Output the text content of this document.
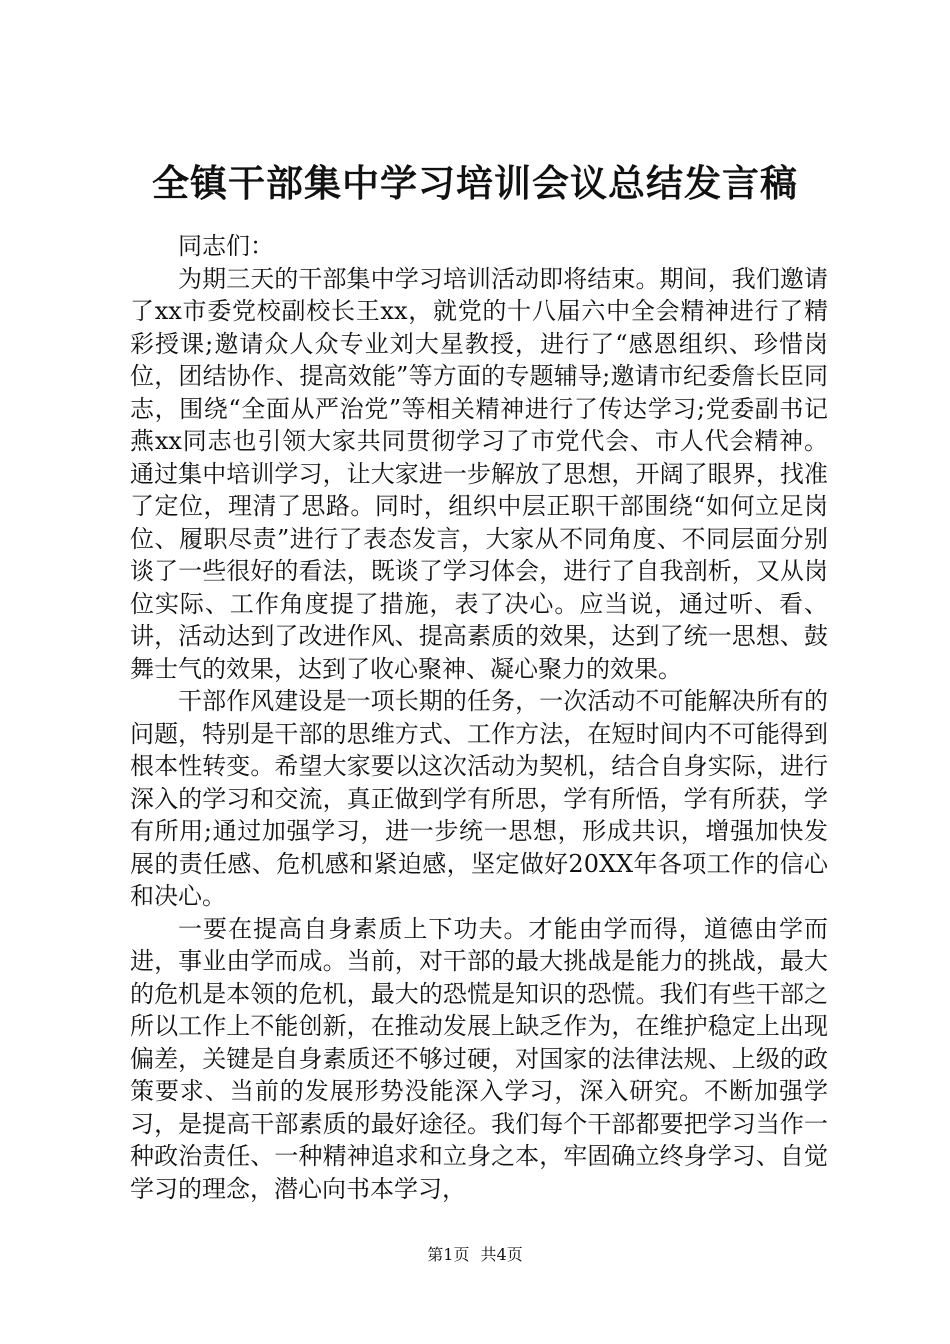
全镇干部集中学习培训会议总结发言稿

同志们：

为期三天的干部集中学习培训活动即将结束。期间，我们邀请了xx市委党校副校长王xx，就党的十八届六中全会精神进行了精彩授课;邀请众人众专业刘大星教授，进行了“感恩组织、珍惜岗位，团结协作、提高效能”等方面的专题辅导;邀请市纪委詹长臣同志，围绕“全面从严治党”等相关精神进行了传达学习;党委副书记燕xx同志也引领大家共同贯彻学习了市党代会、市人代会精神。通过集中培训学习，让大家进一步解放了思想，开阔了眼界，找准了定位，理清了思路。同时，组织中层正职干部围绕“如何立足岗位、履职尽责”进行了表态发言，大家从不同角度、不同层面分别谈了一些很好的看法，既谈了学习体会，进行了自我剖析，又从岗位实际、工作角度提了措施，表了决心。应当说，通过听、看、讲，活动达到了改进作风、提高素质的效果，达到了统一思想、鼓舞士气的效果，达到了收心聚神、凝心聚力的效果。

干部作风建设是一项长期的任务，一次活动不可能解决所有的问题，特别是干部的思维方式、工作方法，在短时间内不可能得到根本性转变。希望大家要以这次活动为契机，结合自身实际，进行深入的学习和交流，真正做到学有所思，学有所悟，学有所获，学有所用;通过加强学习，进一步统一思想，形成共识，增强加快发展的责任感、危机感和紧迫感，坚定做好20XX年各项工作的信心和决心。

一要在提高自身素质上下功夫。才能由学而得，道德由学而进，事业由学而成。当前，对干部的最大挑战是能力的挑战，最大的危机是本领的危机，最大的恐慌是知识的恐慌。我们有些干部之所以工作上不能创新，在推动发展上缺乏作为，在维护稳定上出现偏差，关键是自身素质还不够过硬，对国家的法律法规、上级的政策要求、当前的发展形势没能深入学习，深入研究。不断加强学习，是提高干部素质的最好途径。我们每个干部都要把学习当作一种政治责任、一种精神追求和立身之本，牢固确立终身学习、自觉学习的理念，潜心向书本学习，

第1页 共4页
